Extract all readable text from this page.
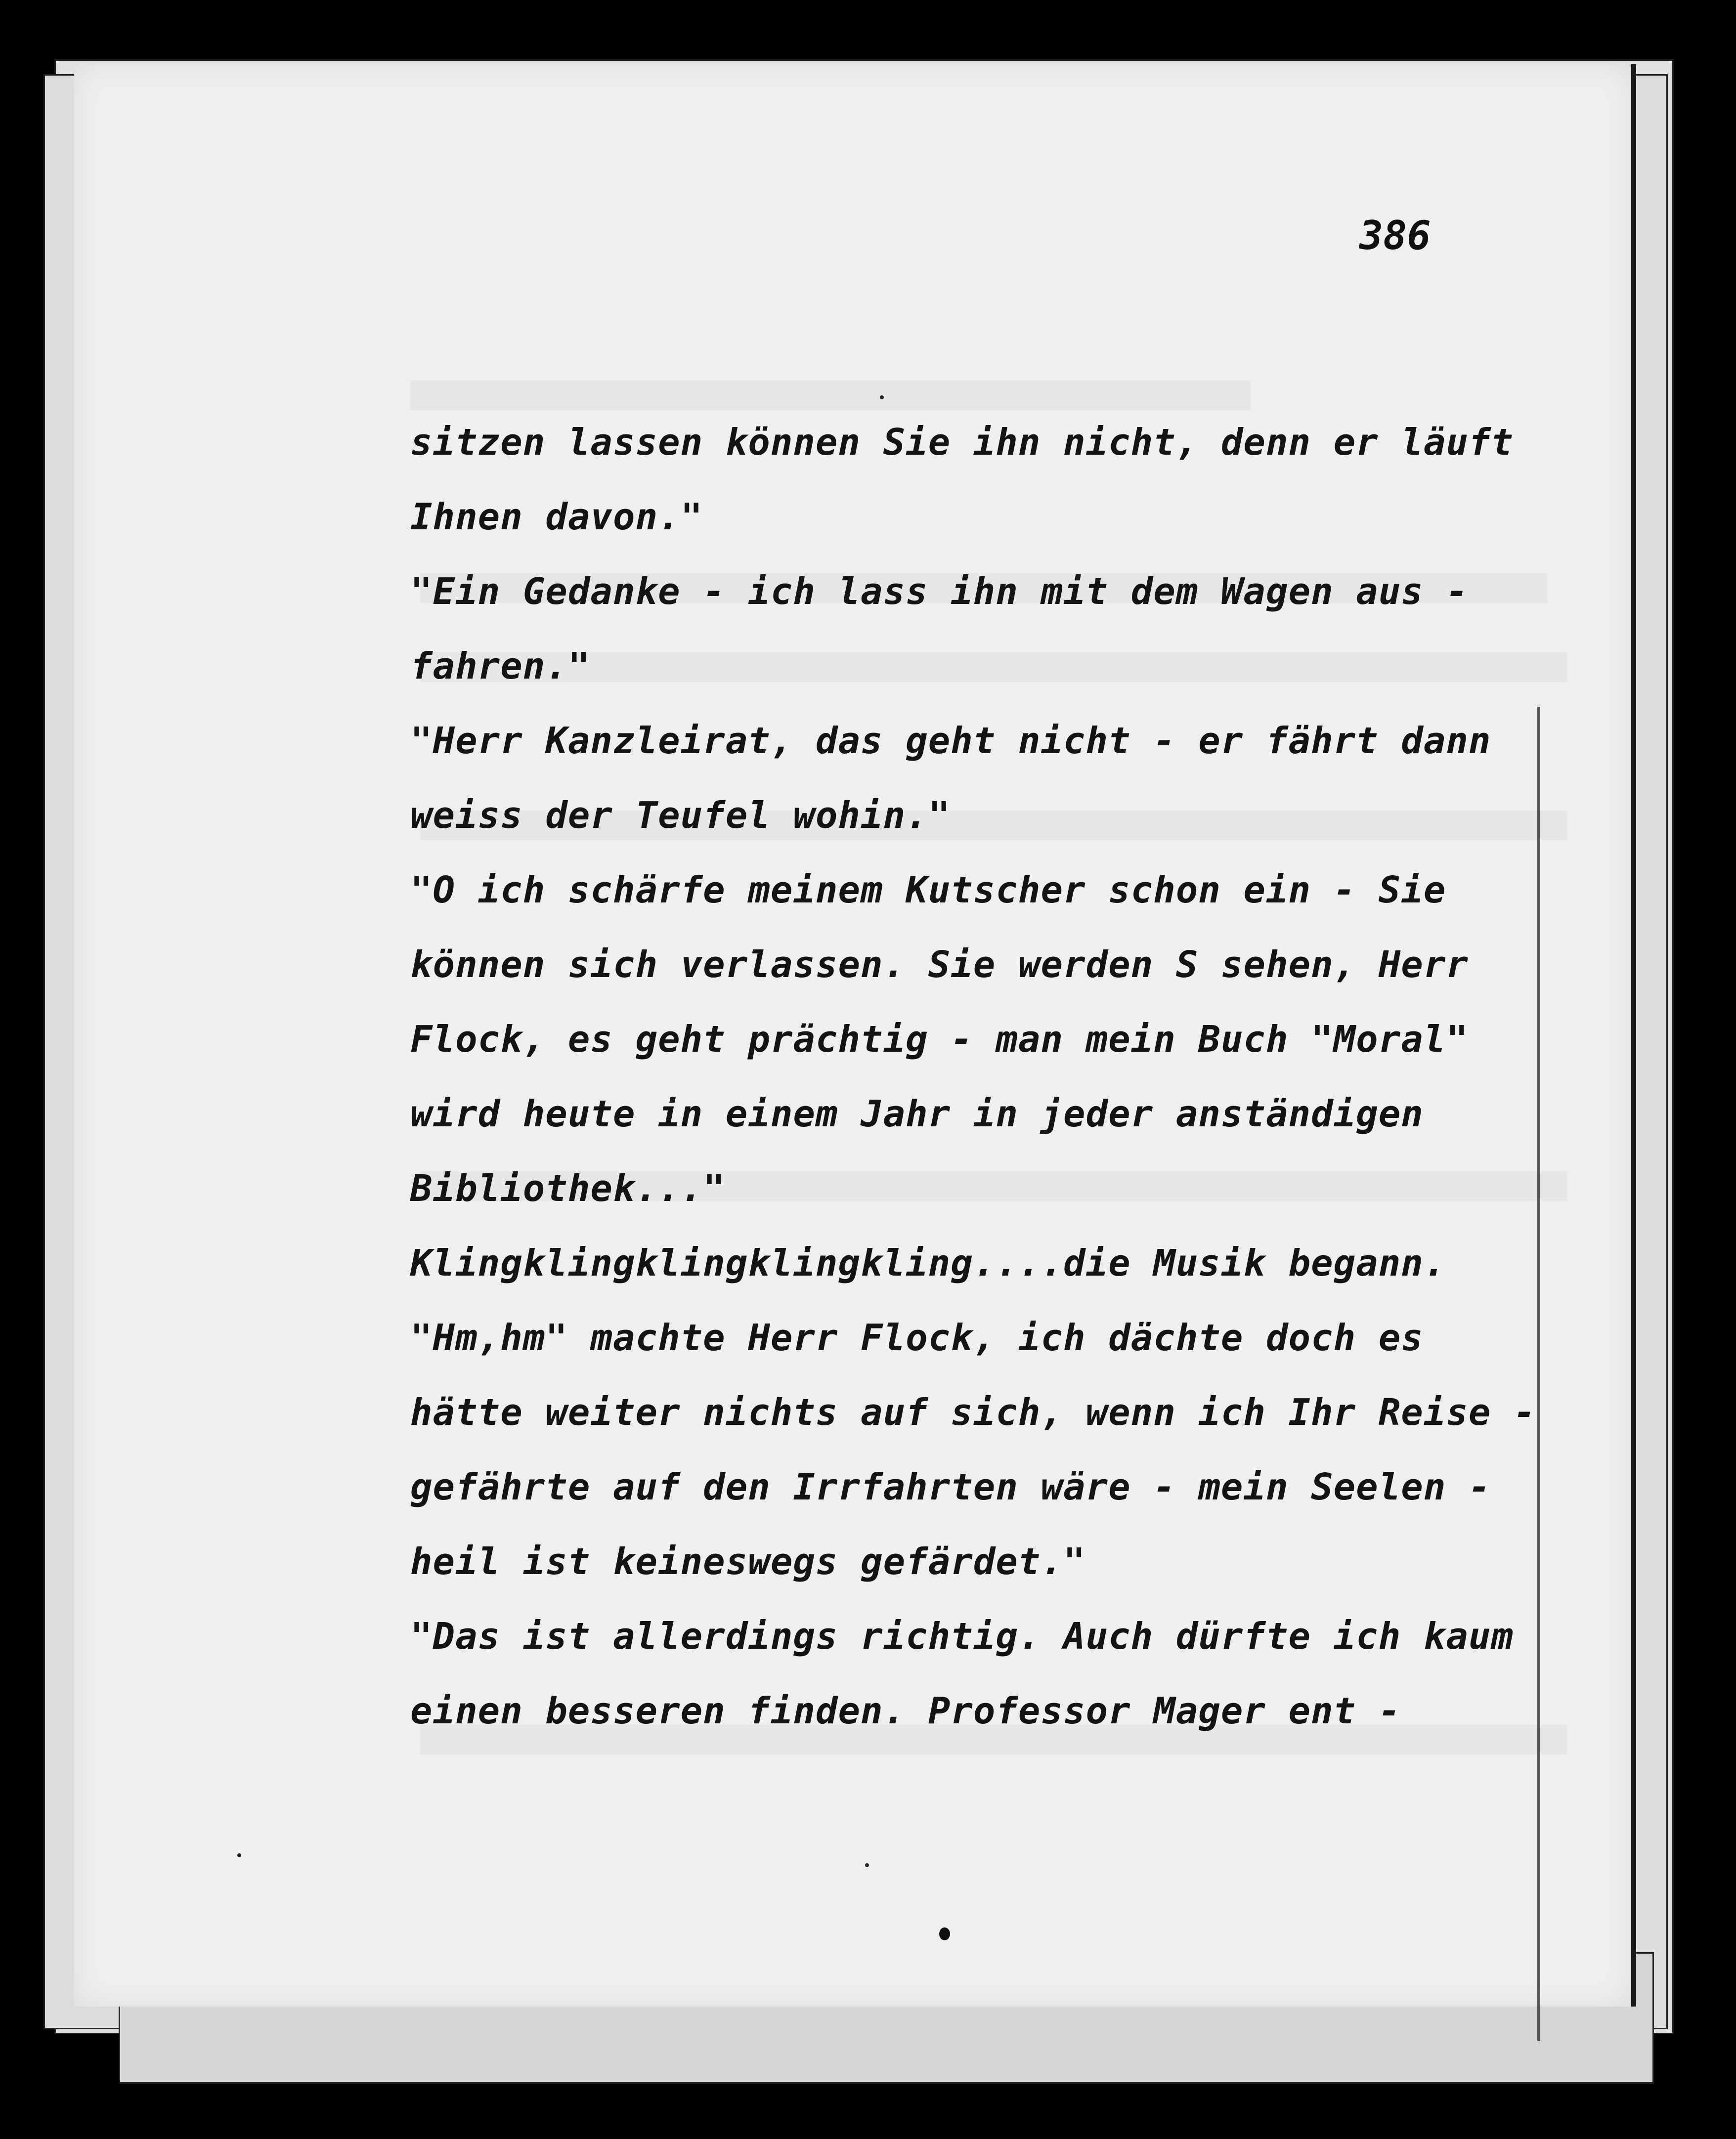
386
sitzen lassen können Sie ihn nicht, denn er läuft
Ihnen davon."
"Ein Gedanke - ich lass ihn mit dem Wagen aus -
fahren."
"Herr Kanzleirat, das geht nicht - er fährt dann
weiss der Teufel wohin."
"O ich schärfe meinem Kutscher schon ein - Sie
können sich verlassen. Sie werden S sehen, Herr
Flock, es geht prächtig - man mein Buch "Moral"
wird heute in einem Jahr in jeder anständigen
Bibliothek..."
Klingklingklingklingkling....die Musik begann.
"Hm,hm" machte Herr Flock, ich dächte doch es
hätte weiter nichts auf sich, wenn ich Ihr Reise -
gefährte auf den Irrfahrten wäre - mein Seelen -
heil ist keineswegs gefärdet."
"Das ist allerdings richtig. Auch dürfte ich kaum
einen besseren finden. Professor Mager ent -
